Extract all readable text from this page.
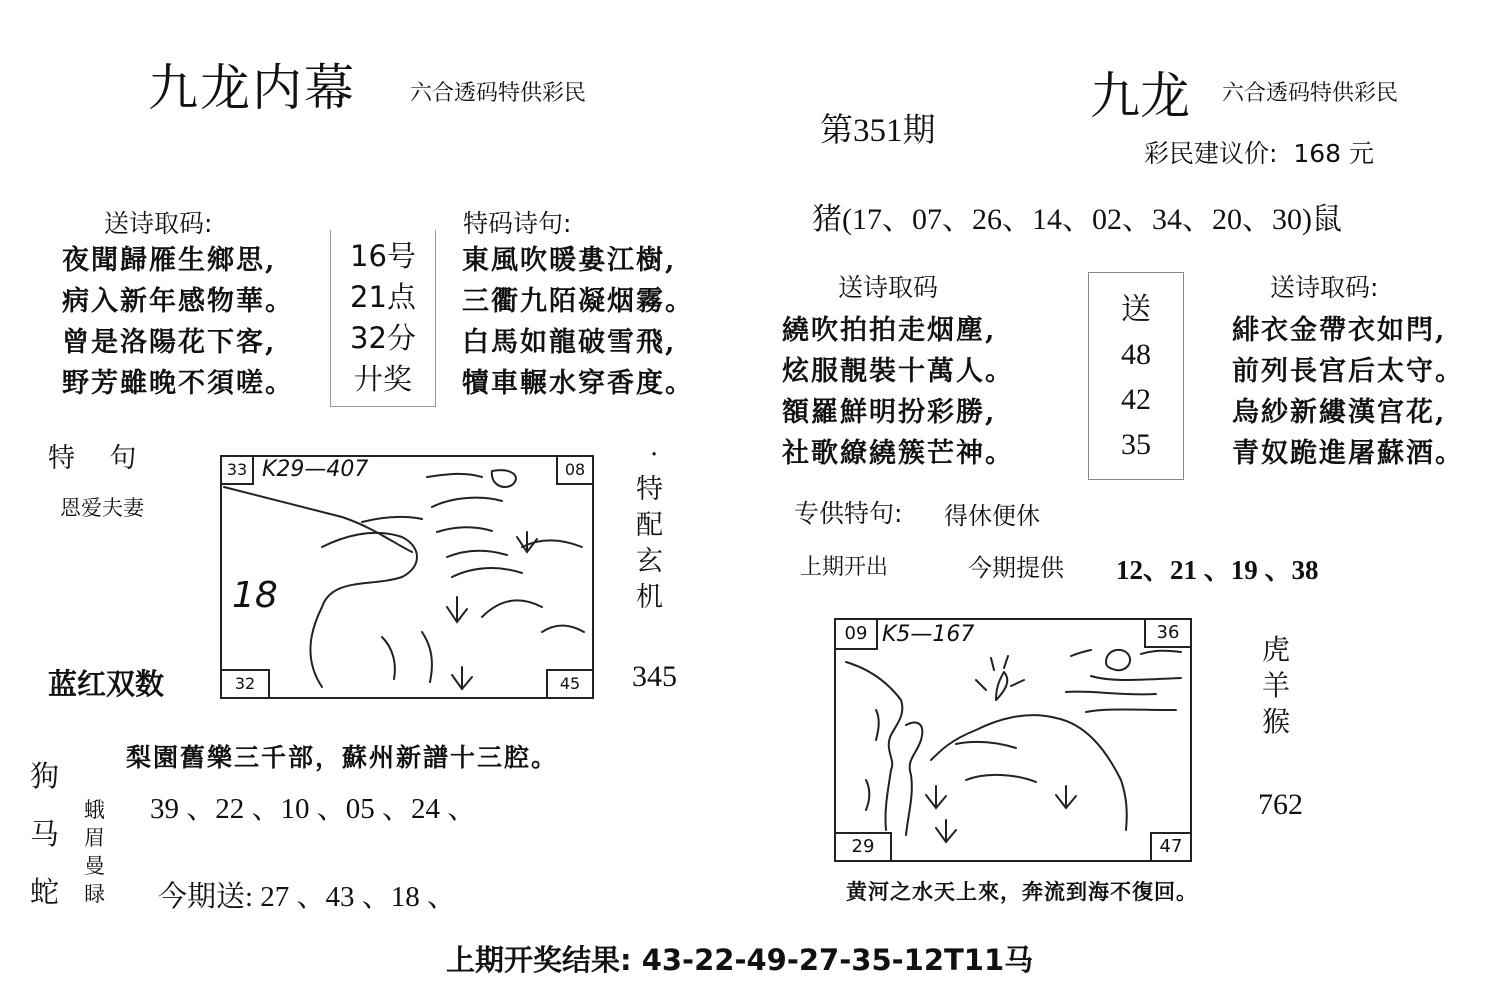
九龙内幕 六合透码特供彩民
送诗取码:
夜聞歸雁生鄉思,
病入新年感物華。
曾是洛陽花下客,
野芳雖晚不須嗟。
16号
21点
32分
廾奖
特码诗句:
東風吹暖婁江樹,
三衢九陌凝烟霧。
白馬如龍破雪飛,
犢車輾水穿香度。
特    句
恩爱夫妻
33	08
32	45
K29—407
18
·
特
配
玄
机
345
蓝红双数
梨園舊樂三千部，蘇州新譜十三腔。
狗
马
蛇
蛾
眉
曼
睩
39 、22 、10 、05 、24 、
今期送: 27 、43 、18 、
九龙 六合透码特供彩民
第351期
彩民建议价:  168 元
猪(17、07、26、14、02、34、20、30)鼠
送诗取码
繞吹拍拍走烟塵,
炫服靚裝十萬人。
額羅鮮明扮彩勝,
社歌繚繞簇芒神。
送
48
42
35
送诗取码:
緋衣金帶衣如閂,
前列長宫后太守。
烏紗新縷漢宫花,
青奴跪進屠蘇酒。
专供特句: 得休便休
上期开出	今期提供 12、21 、19 、38
09	36
29	47
K5—167	虎
羊
猴
762
黄河之水天上來，奔流到海不復回。
上期开奖结果: 43-22-49-27-35-12T11马
